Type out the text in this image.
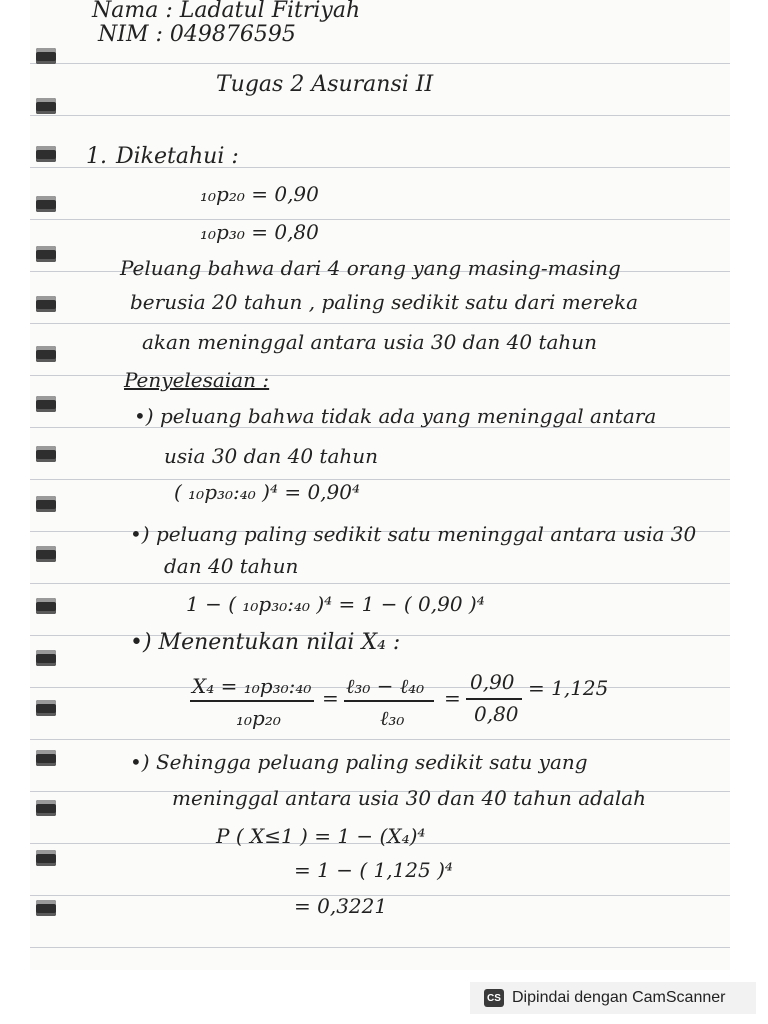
Nama : Ladatul Fitriyah
NIM : 049876595
Tugas 2 Asuransi II
1. Diketahui :
₁₀p₂₀ = 0,90
₁₀p₃₀ = 0,80
Peluang bahwa dari 4 orang yang masing-masing
berusia 20 tahun , paling sedikit satu dari mereka
akan meninggal antara usia 30 dan 40 tahun
Penyelesaian :
•) peluang bahwa tidak ada yang meninggal antara
usia 30 dan 40 tahun
( ₁₀p₃₀:₄₀ )⁴ = 0,90⁴
•) peluang paling sedikit satu meninggal antara usia 30
dan 40 tahun
1 − ( ₁₀p₃₀:₄₀ )⁴ = 1 − ( 0,90 )⁴
•) Menentukan nilai X₄ :
X₄ = ₁₀p₃₀:₄₀
₁₀p₂₀
= ℓ₃₀ − ℓ₄₀
ℓ₃₀
=
0,90
0,80
= 1,125
•) Sehingga peluang paling sedikit satu yang
meninggal antara usia 30 dan 40 tahun adalah
P ( X≤1 ) = 1 − (X₄)⁴
= 1 − ( 1,125 )⁴
= 0,3221
CS Dipindai dengan CamScanner
